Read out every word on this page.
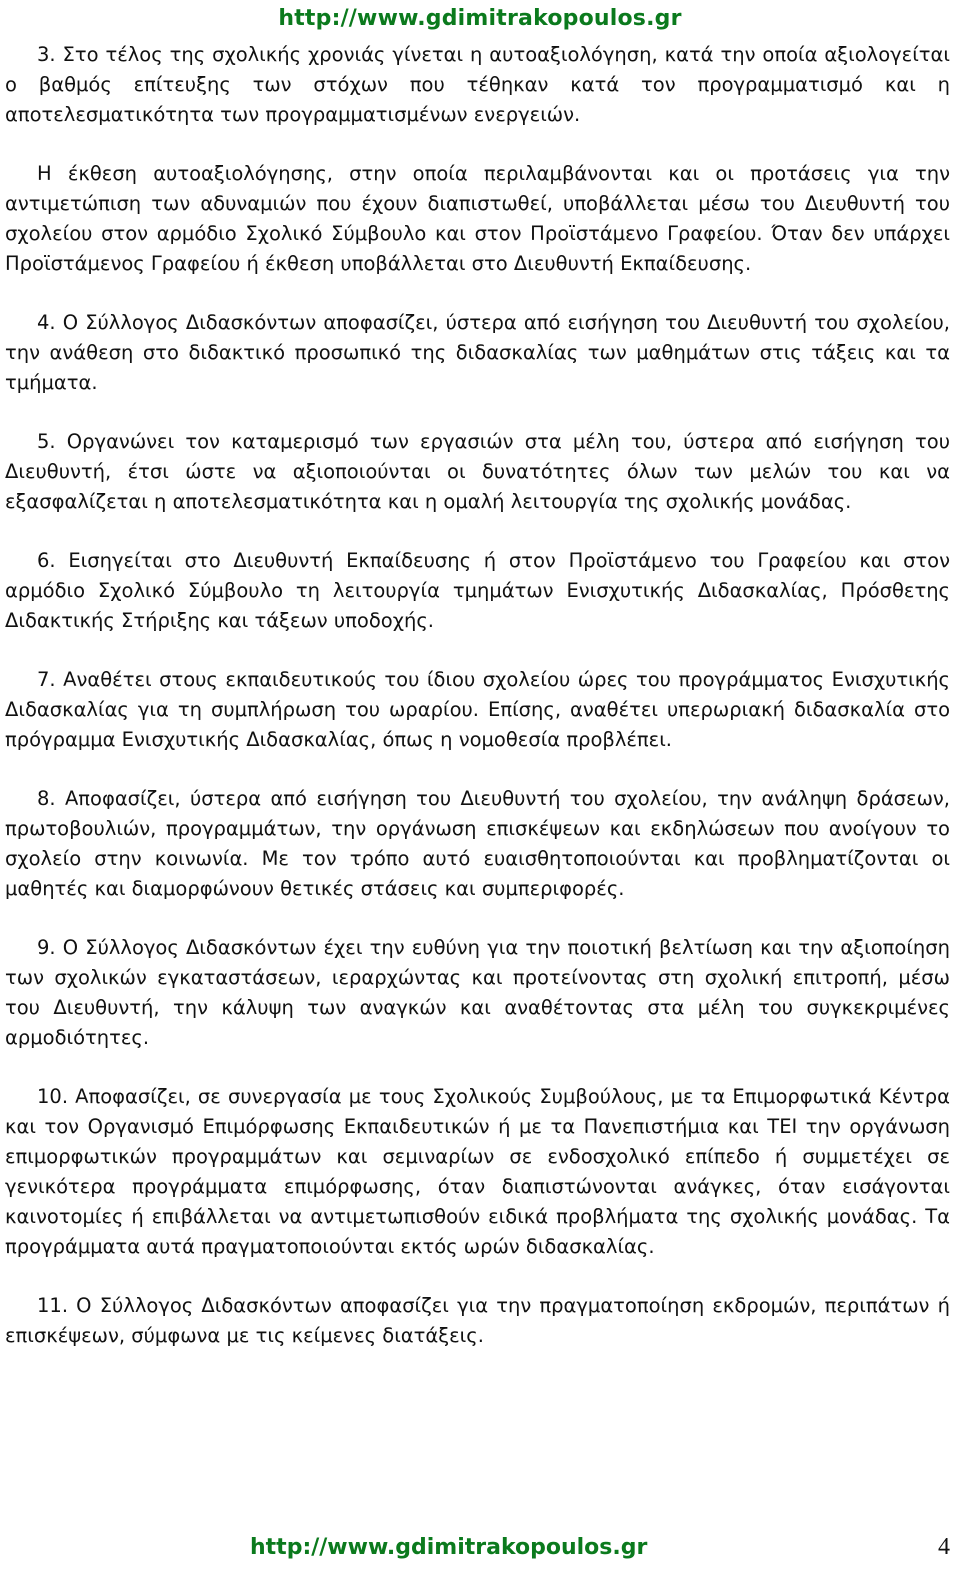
http://www.gdimitrakopoulos.gr

3. Στο τέλος της σχολικής χρονιάς γίνεται η αυτοαξιολόγηση, κατά την οποία αξιολογείται ο βαθμός επίτευξης των στόχων που τέθηκαν κατά τον προγραμματισμό και η αποτελεσματικότητα των προγραμματισμένων ενεργειών.

Η έκθεση αυτοαξιολόγησης, στην οποία περιλαμβάνονται και οι προτάσεις για την αντιμετώπιση των αδυναμιών που έχουν διαπιστωθεί, υποβάλλεται μέσω του Διευθυντή του σχολείου στον αρμόδιο Σχολικό Σύμβουλο και στον Προϊστάμενο Γραφείου. Όταν δεν υπάρχει Προϊστάμενος Γραφείου ή έκθεση υποβάλλεται στο Διευθυντή Εκπαίδευσης.

4. Ο Σύλλογος Διδασκόντων αποφασίζει, ύστερα από εισήγηση του Διευθυντή του σχολείου, την ανάθεση στο διδακτικό προσωπικό της διδασκαλίας των μαθημάτων στις τάξεις και τα τμήματα.

5. Οργανώνει τον καταμερισμό των εργασιών στα μέλη του, ύστερα από εισήγηση του Διευθυντή, έτσι ώστε να αξιοποιούνται οι δυνατότητες όλων των μελών του και να εξασφαλίζεται η αποτελεσματικότητα και η ομαλή λειτουργία της σχολικής μονάδας.

6. Εισηγείται στο Διευθυντή Εκπαίδευσης ή στον Προϊστάμενο του Γραφείου και στον αρμόδιο Σχολικό Σύμβουλο τη λειτουργία τμημάτων Ενισχυτικής Διδασκαλίας, Πρόσθετης Διδακτικής Στήριξης και τάξεων υποδοχής.

7. Αναθέτει στους εκπαιδευτικούς του ίδιου σχολείου ώρες του προγράμματος Ενισχυτικής Διδασκαλίας για τη συμπλήρωση του ωραρίου. Επίσης, αναθέτει υπερωριακή διδασκαλία στο πρόγραμμα Ενισχυτικής Διδασκαλίας, όπως η νομοθεσία προβλέπει.

8. Αποφασίζει, ύστερα από εισήγηση του Διευθυντή του σχολείου, την ανάληψη δράσεων, πρωτοβουλιών, προγραμμάτων, την οργάνωση επισκέψεων και εκδηλώσεων που ανοίγουν το σχολείο στην κοινωνία. Με τον τρόπο αυτό ευαισθητοποιούνται και προβληματίζονται οι μαθητές και διαμορφώνουν θετικές στάσεις και συμπεριφορές.

9. Ο Σύλλογος Διδασκόντων έχει την ευθύνη για την ποιοτική βελτίωση και την αξιοποίηση των σχολικών εγκαταστάσεων, ιεραρχώντας και προτείνοντας στη σχολική επιτροπή, μέσω του Διευθυντή, την κάλυψη των αναγκών και αναθέτοντας στα μέλη του συγκεκριμένες αρμοδιότητες.

10. Αποφασίζει, σε συνεργασία με τους Σχολικούς Συμβούλους, με τα Επιμορφωτικά Κέντρα και τον Οργανισμό Επιμόρφωσης Εκπαιδευτικών ή με τα Πανεπιστήμια και ΤΕΙ την οργάνωση επιμορφωτικών προγραμμάτων και σεμιναρίων σε ενδοσχολικό επίπεδο ή συμμετέχει σε γενικότερα προγράμματα επιμόρφωσης, όταν διαπιστώνονται ανάγκες, όταν εισάγονται καινοτομίες ή επιβάλλεται να αντιμετωπισθούν ειδικά προβλήματα της σχολικής μονάδας. Τα προγράμματα αυτά πραγματοποιούνται εκτός ωρών διδασκαλίας.

11. Ο Σύλλογος Διδασκόντων αποφασίζει για την πραγματοποίηση εκδρομών, περιπάτων ή επισκέψεων, σύμφωνα με τις κείμενες διατάξεις.

http://www.gdimitrakopoulos.gr	4
